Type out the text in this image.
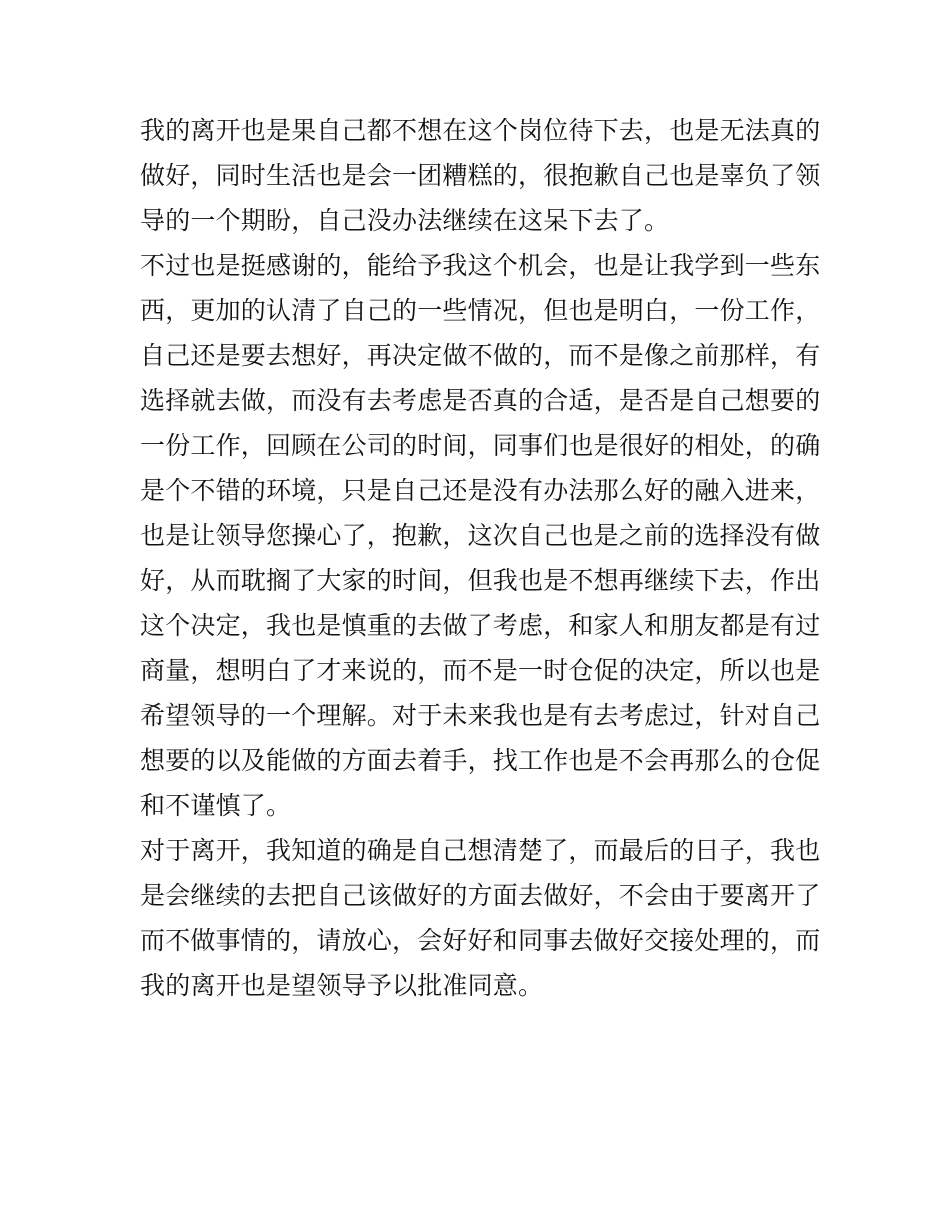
我的离开也是果自己都不想在这个岗位待下去，也是无法真的
做好，同时生活也是会一团糟糕的，很抱歉自己也是辜负了领
导的一个期盼，自己没办法继续在这呆下去了。
不过也是挺感谢的，能给予我这个机会，也是让我学到一些东
西，更加的认清了自己的一些情况，但也是明白，一份工作，
自己还是要去想好，再决定做不做的，而不是像之前那样，有
选择就去做，而没有去考虑是否真的合适，是否是自己想要的
一份工作，回顾在公司的时间，同事们也是很好的相处，的确
是个不错的环境，只是自己还是没有办法那么好的融入进来，
也是让领导您操心了，抱歉，这次自己也是之前的选择没有做
好，从而耽搁了大家的时间，但我也是不想再继续下去，作出
这个决定，我也是慎重的去做了考虑，和家人和朋友都是有过
商量，想明白了才来说的，而不是一时仓促的决定，所以也是
希望领导的一个理解。对于未来我也是有去考虑过，针对自己
想要的以及能做的方面去着手，找工作也是不会再那么的仓促
和不谨慎了。
对于离开，我知道的确是自己想清楚了，而最后的日子，我也
是会继续的去把自己该做好的方面去做好，不会由于要离开了
而不做事情的，请放心，会好好和同事去做好交接处理的，而
我的离开也是望领导予以批准同意。
